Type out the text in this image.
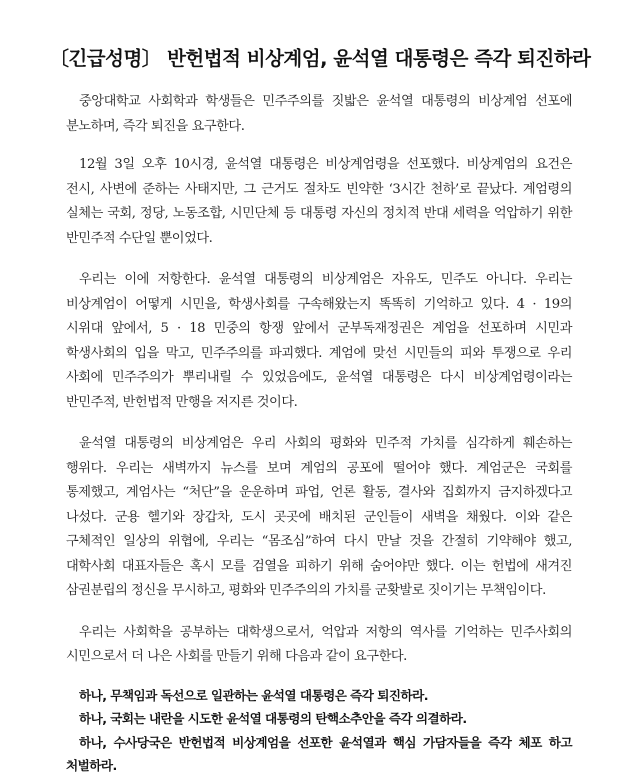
〔긴급성명〕 반헌법적 비상계엄, 윤석열 대통령은 즉각 퇴진하라

중앙대학교 사회학과 학생들은 민주주의를 짓밟은 윤석열 대통령의 비상계엄 선포에 분노하며, 즉각 퇴진을 요구한다.

12월 3일 오후 10시경, 윤석열 대통령은 비상계엄령을 선포했다. 비상계엄의 요건은 전시, 사변에 준하는 사태지만, 그 근거도 절차도 빈약한 ‘3시간 천하’로 끝났다. 계엄령의 실체는 국회, 정당, 노동조합, 시민단체 등 대통령 자신의 정치적 반대 세력을 억압하기 위한 반민주적 수단일 뿐이었다.

우리는 이에 저항한다. 윤석열 대통령의 비상계엄은 자유도, 민주도 아니다. 우리는 비상계엄이 어떻게 시민을, 학생사회를 구속해왔는지 똑똑히 기억하고 있다. 4 · 19의 시위대 앞에서, 5 · 18 민중의 항쟁 앞에서 군부독재정권은 계엄을 선포하며 시민과 학생사회의 입을 막고, 민주주의를 파괴했다. 계엄에 맞선 시민들의 피와 투쟁으로 우리 사회에 민주주의가 뿌리내릴 수 있었음에도, 윤석열 대통령은 다시 비상계엄령이라는 반민주적, 반헌법적 만행을 저지른 것이다.

윤석열 대통령의 비상계엄은 우리 사회의 평화와 민주적 가치를 심각하게 훼손하는 행위다. 우리는 새벽까지 뉴스를 보며 계엄의 공포에 떨어야 했다. 계엄군은 국회를 통제했고, 계엄사는 “처단”을 운운하며 파업, 언론 활동, 결사와 집회까지 금지하겠다고 나섰다. 군용 헬기와 장갑차, 도시 곳곳에 배치된 군인들이 새벽을 채웠다. 이와 같은 구체적인 일상의 위협에, 우리는 “몸조심”하여 다시 만날 것을 간절히 기약해야 했고, 대학사회 대표자들은 혹시 모를 검열을 피하기 위해 숨어야만 했다. 이는 헌법에 새겨진 삼권분립의 정신을 무시하고, 평화와 민주주의의 가치를 군홧발로 짓이기는 무책임이다.

우리는 사회학을 공부하는 대학생으로서, 억압과 저항의 역사를 기억하는 민주사회의 시민으로서 더 나은 사회를 만들기 위해 다음과 같이 요구한다.

하나, 무책임과 독선으로 일관하는 윤석열 대통령은 즉각 퇴진하라.

하나, 국회는 내란을 시도한 윤석열 대통령의 탄핵소추안을 즉각 의결하라.

하나, 수사당국은 반헌법적 비상계엄을 선포한 윤석열과 핵심 가담자들을 즉각 체포 하고 처벌하라.
